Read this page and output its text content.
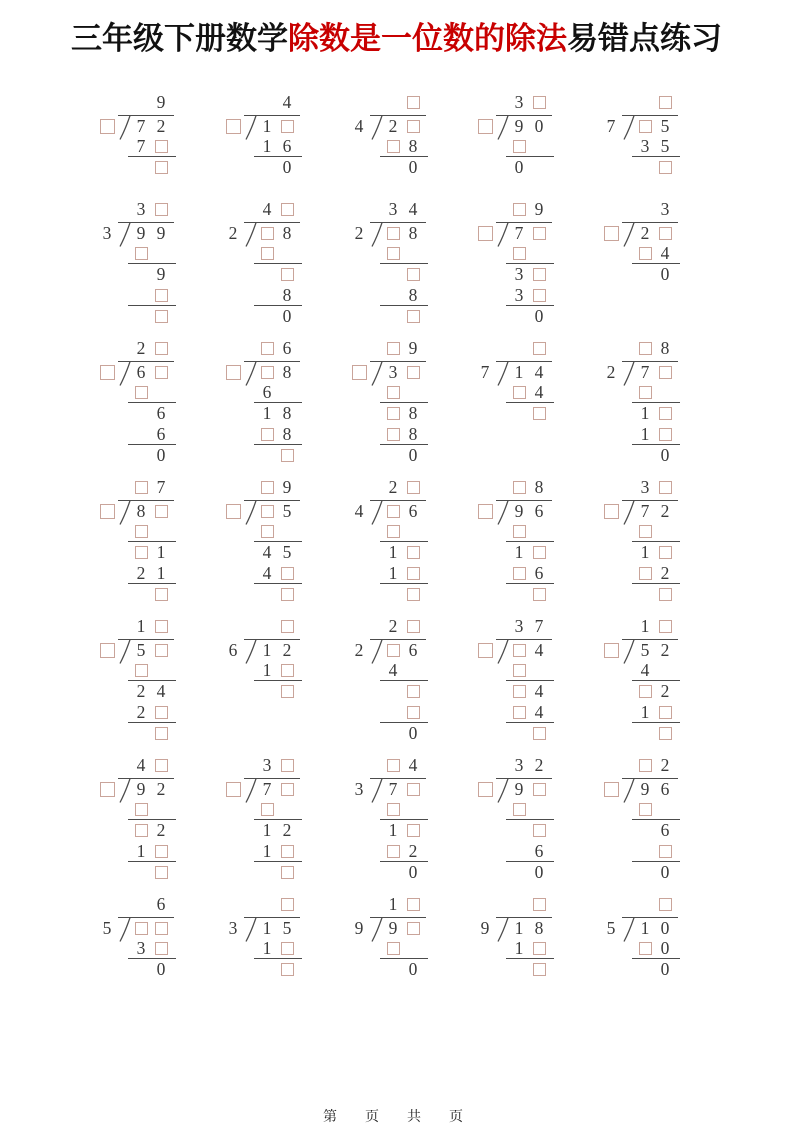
三年级下册数学除数是一位数的除法易错点练习
9
7 2
7
4
1
1 6
0
4	2
8
0
3
9 0
0
7	5
3 5
3
3
9 9
9
2
4
8
8
0
2
3 4
8
8
9
7
3
3
0
3
2
4
0
2
6
6
6
0
6
8
6
1 8
8
9
3
8
8
0
7	1 4
4
2
8
7
1
1
0
7
8
1
2 1
9
5
4 5
4
4
2
6
1
1
8
9 6
1
6
3
7 2
1
2
1
5
2 4
2
6	1 2
1
2
2
6
4
0
3 7
4
4
4
1
5 2
4
2
1
4
9 2
2
1
3
7
1 2
1
3
4
7
1
2
0
3 2
9
6
0
2
9 6
6
0
5
6
3
0
3	1 5
1
9
1
9
0
9	1 8
1
5	1 0
0
0
第　页　共　页
